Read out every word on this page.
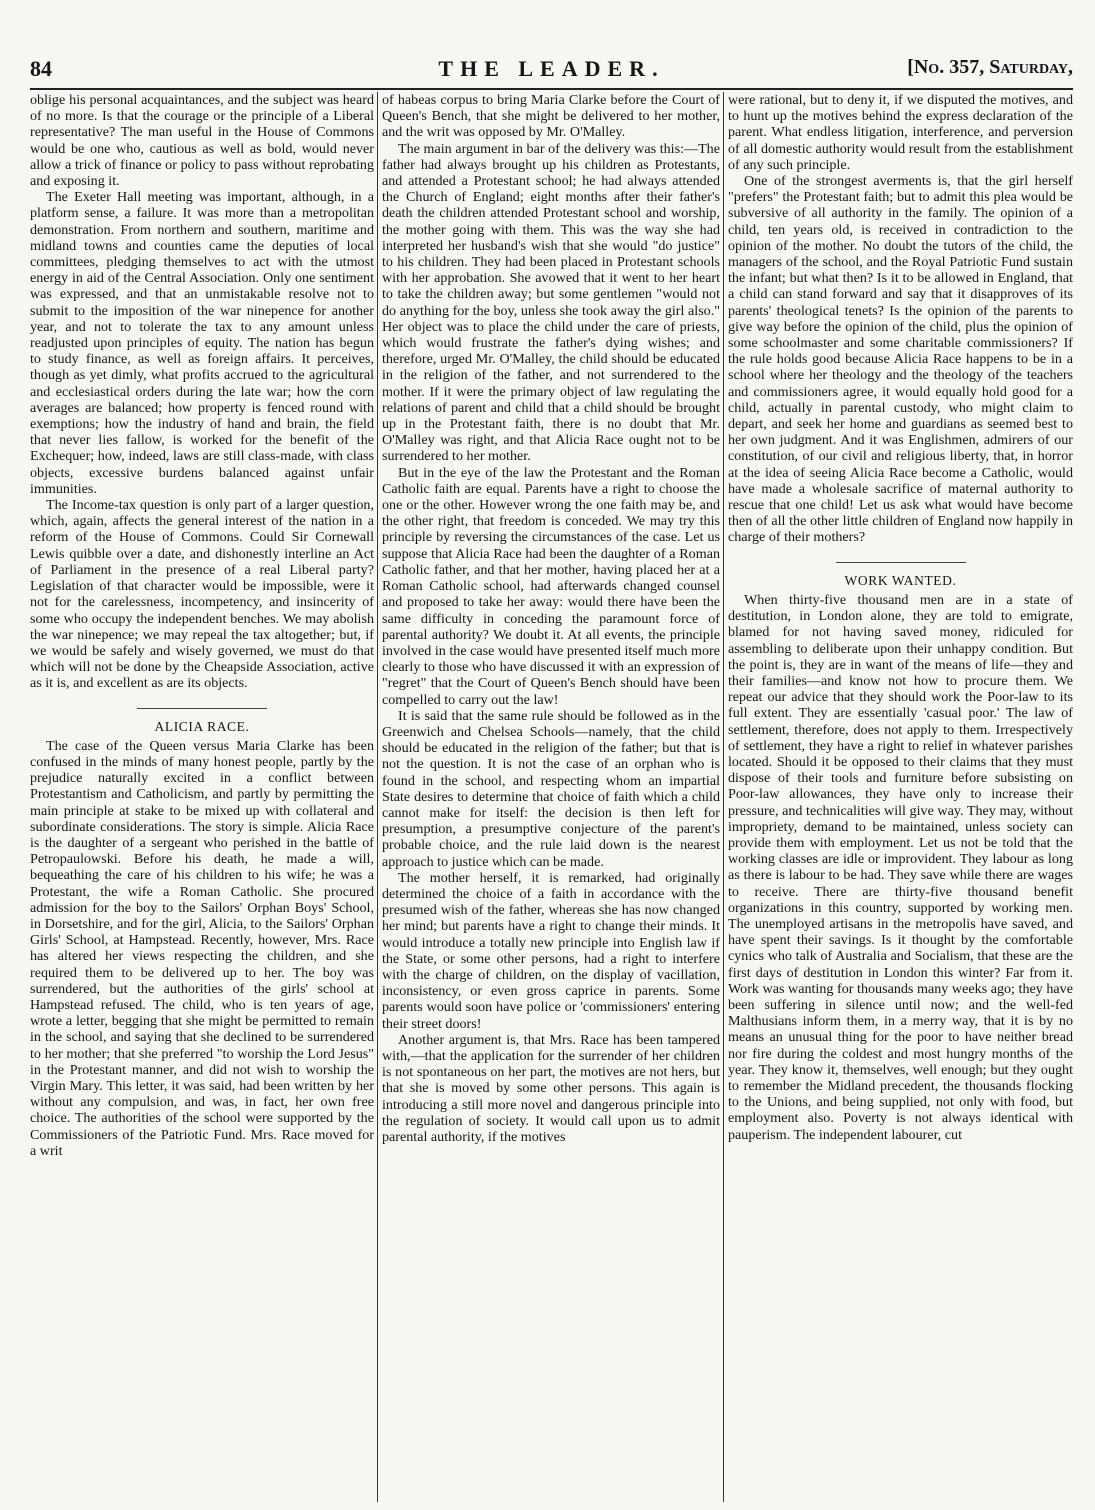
84	THE LEADER.	[No. 357, Saturday,

oblige his personal acquaintances, and the subject was heard of no more. Is that the courage or the principle of a Liberal representative? The man useful in the House of Commons would be one who, cautious as well as bold, would never allow a trick of finance or policy to pass without reprobating and exposing it.

The Exeter Hall meeting was important, although, in a platform sense, a failure. It was more than a metropolitan demonstration. From northern and southern, maritime and midland towns and counties came the deputies of local committees, pledging themselves to act with the utmost energy in aid of the Central Association. Only one sentiment was expressed, and that an unmistakable resolve not to submit to the imposition of the war ninepence for another year, and not to tolerate the tax to any amount unless readjusted upon principles of equity. The nation has begun to study finance, as well as foreign affairs. It perceives, though as yet dimly, what profits accrued to the agricultural and ecclesiastical orders during the late war; how the corn averages are balanced; how property is fenced round with exemptions; how the industry of hand and brain, the field that never lies fallow, is worked for the benefit of the Exchequer; how, indeed, laws are still class-made, with class objects, excessive burdens balanced against unfair immunities.

The Income-tax question is only part of a larger question, which, again, affects the general interest of the nation in a reform of the House of Commons. Could Sir Cornewall Lewis quibble over a date, and dishonestly interline an Act of Parliament in the presence of a real Liberal party? Legislation of that character would be impossible, were it not for the carelessness, incompetency, and insincerity of some who occupy the independent benches. We may abolish the war ninepence; we may repeal the tax altogether; but, if we would be safely and wisely governed, we must do that which will not be done by the Cheapside Association, active as it is, and excellent as are its objects.

ALICIA RACE.

The case of the Queen versus Maria Clarke has been confused in the minds of many honest people, partly by the prejudice naturally excited in a conflict between Protestantism and Catholicism, and partly by permitting the main principle at stake to be mixed up with collateral and subordinate considerations. The story is simple. Alicia Race is the daughter of a sergeant who perished in the battle of Petropaulowski. Before his death, he made a will, bequeathing the care of his children to his wife; he was a Protestant, the wife a Roman Catholic. She procured admission for the boy to the Sailors' Orphan Boys' School, in Dorsetshire, and for the girl, Alicia, to the Sailors' Orphan Girls' School, at Hampstead. Recently, however, Mrs. Race has altered her views respecting the children, and she required them to be delivered up to her. The boy was surrendered, but the authorities of the girls' school at Hampstead refused. The child, who is ten years of age, wrote a letter, begging that she might be permitted to remain in the school, and saying that she declined to be surrendered to her mother; that she preferred "to worship the Lord Jesus" in the Protestant manner, and did not wish to worship the Virgin Mary. This letter, it was said, had been written by her without any compulsion, and was, in fact, her own free choice. The authorities of the school were supported by the Commissioners of the Patriotic Fund. Mrs. Race moved for a writ

of habeas corpus to bring Maria Clarke before the Court of Queen's Bench, that she might be delivered to her mother, and the writ was opposed by Mr. O'Malley.

The main argument in bar of the delivery was this:—The father had always brought up his children as Protestants, and attended a Protestant school; he had always attended the Church of England; eight months after their father's death the children attended Protestant school and worship, the mother going with them. This was the way she had interpreted her husband's wish that she would "do justice" to his children. They had been placed in Protestant schools with her approbation. She avowed that it went to her heart to take the children away; but some gentlemen "would not do anything for the boy, unless she took away the girl also." Her object was to place the child under the care of priests, which would frustrate the father's dying wishes; and therefore, urged Mr. O'Malley, the child should be educated in the religion of the father, and not surrendered to the mother. If it were the primary object of law regulating the relations of parent and child that a child should be brought up in the Protestant faith, there is no doubt that Mr. O'Malley was right, and that Alicia Race ought not to be surrendered to her mother.

But in the eye of the law the Protestant and the Roman Catholic faith are equal. Parents have a right to choose the one or the other. However wrong the one faith may be, and the other right, that freedom is conceded. We may try this principle by reversing the circumstances of the case. Let us suppose that Alicia Race had been the daughter of a Roman Catholic father, and that her mother, having placed her at a Roman Catholic school, had afterwards changed counsel and proposed to take her away: would there have been the same difficulty in conceding the paramount force of parental authority? We doubt it. At all events, the principle involved in the case would have presented itself much more clearly to those who have discussed it with an expression of "regret" that the Court of Queen's Bench should have been compelled to carry out the law!

It is said that the same rule should be followed as in the Greenwich and Chelsea Schools—namely, that the child should be educated in the religion of the father; but that is not the question. It is not the case of an orphan who is found in the school, and respecting whom an impartial State desires to determine that choice of faith which a child cannot make for itself: the decision is then left for presumption, a presumptive conjecture of the parent's probable choice, and the rule laid down is the nearest approach to justice which can be made.

The mother herself, it is remarked, had originally determined the choice of a faith in accordance with the presumed wish of the father, whereas she has now changed her mind; but parents have a right to change their minds. It would introduce a totally new principle into English law if the State, or some other persons, had a right to interfere with the charge of children, on the display of vacillation, inconsistency, or even gross caprice in parents. Some parents would soon have police or 'commissioners' entering their street doors!

Another argument is, that Mrs. Race has been tampered with,—that the application for the surrender of her children is not spontaneous on her part, the motives are not hers, but that she is moved by some other persons. This again is introducing a still more novel and dangerous principle into the regulation of society. It would call upon us to admit parental authority, if the motives

were rational, but to deny it, if we disputed the motives, and to hunt up the motives behind the express declaration of the parent. What endless litigation, interference, and perversion of all domestic authority would result from the establishment of any such principle.

One of the strongest averments is, that the girl herself "prefers" the Protestant faith; but to admit this plea would be subversive of all authority in the family. The opinion of a child, ten years old, is received in contradiction to the opinion of the mother. No doubt the tutors of the child, the managers of the school, and the Royal Patriotic Fund sustain the infant; but what then? Is it to be allowed in England, that a child can stand forward and say that it disapproves of its parents' theological tenets? Is the opinion of the parents to give way before the opinion of the child, plus the opinion of some schoolmaster and some charitable commissioners? If the rule holds good because Alicia Race happens to be in a school where her theology and the theology of the teachers and commissioners agree, it would equally hold good for a child, actually in parental custody, who might claim to depart, and seek her home and guardians as seemed best to her own judgment. And it was Englishmen, admirers of our constitution, of our civil and religious liberty, that, in horror at the idea of seeing Alicia Race become a Catholic, would have made a wholesale sacrifice of maternal authority to rescue that one child! Let us ask what would have become then of all the other little children of England now happily in charge of their mothers?

WORK WANTED.

When thirty-five thousand men are in a state of destitution, in London alone, they are told to emigrate, blamed for not having saved money, ridiculed for assembling to deliberate upon their unhappy condition. But the point is, they are in want of the means of life—they and their families—and know not how to procure them. We repeat our advice that they should work the Poor-law to its full extent. They are essentially 'casual poor.' The law of settlement, therefore, does not apply to them. Irrespectively of settlement, they have a right to relief in whatever parishes located. Should it be opposed to their claims that they must dispose of their tools and furniture before subsisting on Poor-law allowances, they have only to increase their pressure, and technicalities will give way. They may, without impropriety, demand to be maintained, unless society can provide them with employment. Let us not be told that the working classes are idle or improvident. They labour as long as there is labour to be had. They save while there are wages to receive. There are thirty-five thousand benefit organizations in this country, supported by working men. The unemployed artisans in the metropolis have saved, and have spent their savings. Is it thought by the comfortable cynics who talk of Australia and Socialism, that these are the first days of destitution in London this winter? Far from it. Work was wanting for thousands many weeks ago; they have been suffering in silence until now; and the well-fed Malthusians inform them, in a merry way, that it is by no means an unusual thing for the poor to have neither bread nor fire during the coldest and most hungry months of the year. They know it, themselves, well enough; but they ought to remember the Midland precedent, the thousands flocking to the Unions, and being supplied, not only with food, but employment also. Poverty is not always identical with pauperism. The independent labourer, cut
